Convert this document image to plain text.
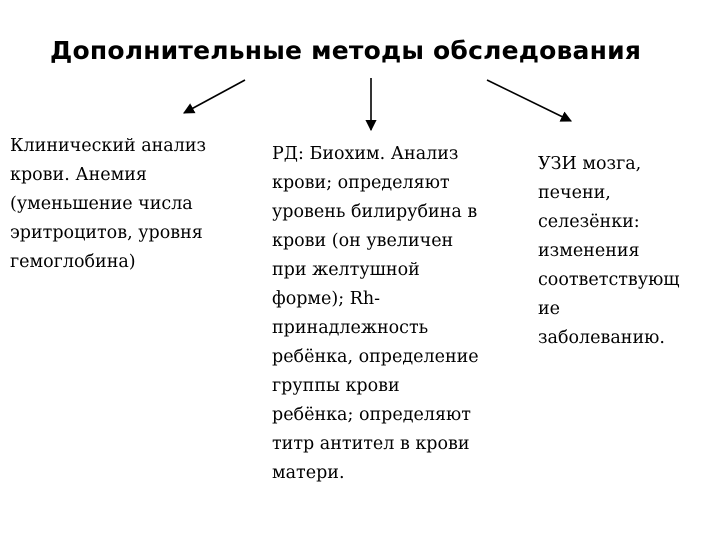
Дополнительные методы обследования
Клинический анализ
крови. Анемия
(уменьшение числа
эритроцитов, уровня
гемоглобина)
РД: Биохим. Анализ
крови; определяют
уровень билирубина в
крови (он увеличен
при желтушной
форме); Rh-
принадлежность
ребёнка, определение
группы крови
ребёнка; определяют
титр антител в крови
матери.
УЗИ мозга,
печени,
селезёнки:
изменения
соответствующ
ие
заболеванию.
